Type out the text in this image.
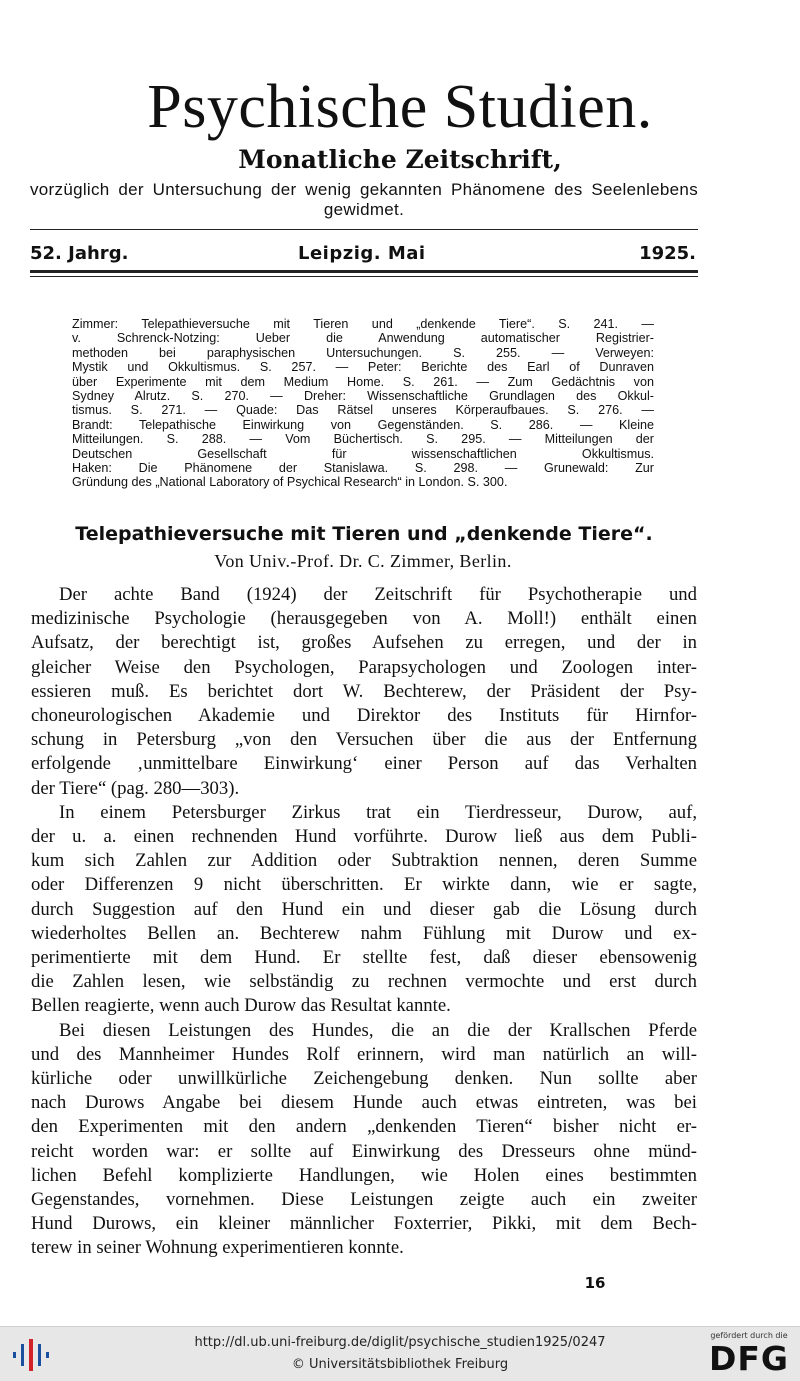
Psychische Studien.
Monatliche Zeitschrift,
vorzüglich der Untersuchung der wenig gekannten Phänomene des Seelenlebens gewidmet.
52. Jahrg.	Leipzig. Mai	1925.
Zimmer: Telepathieversuche mit Tieren und „denkende Tiere“. S. 241. —
v. Schrenck-Notzing: Ueber die Anwendung automatischer Registrier-
methoden bei paraphysischen Untersuchungen. S. 255. — Verweyen:
Mystik und Okkultismus. S. 257. — Peter: Berichte des Earl of Dunraven
über Experimente mit dem Medium Home. S. 261. — Zum Gedächtnis von
Sydney Alrutz. S. 270. — Dreher: Wissenschaftliche Grundlagen des Okkul-
tismus. S. 271. — Quade: Das Rätsel unseres Körperaufbaues. S. 276. —
Brandt: Telepathische Einwirkung von Gegenständen. S. 286. — Kleine
Mitteilungen. S. 288. — Vom Büchertisch. S. 295. — Mitteilungen der
Deutschen Gesellschaft für wissenschaftlichen Okkultismus.
Haken: Die Phänomene der Stanislawa. S. 298. — Grunewald: Zur
Gründung des „National Laboratory of Psychical Research“ in London. S. 300.
Telepathieversuche mit Tieren und „denkende Tiere“.
Von Univ.-Prof. Dr. C. Zimmer, Berlin.
Der achte Band (1924) der Zeitschrift für Psychotherapie und
medizinische Psychologie (herausgegeben von A. Moll!) enthält einen
Aufsatz, der berechtigt ist, großes Aufsehen zu erregen, und der in
gleicher Weise den Psychologen, Parapsychologen und Zoologen inter-
essieren muß. Es berichtet dort W. Bechterew, der Präsident der Psy-
choneurologischen Akademie und Direktor des Instituts für Hirnfor-
schung in Petersburg „von den Versuchen über die aus der Entfernung
erfolgende ‚unmittelbare Einwirkung‘ einer Person auf das Verhalten
der Tiere“ (pag. 280—303).
In einem Petersburger Zirkus trat ein Tierdresseur, Durow, auf,
der u. a. einen rechnenden Hund vorführte. Durow ließ aus dem Publi-
kum sich Zahlen zur Addition oder Subtraktion nennen, deren Summe
oder Differenzen 9 nicht überschritten. Er wirkte dann, wie er sagte,
durch Suggestion auf den Hund ein und dieser gab die Lösung durch
wiederholtes Bellen an. Bechterew nahm Fühlung mit Durow und ex-
perimentierte mit dem Hund. Er stellte fest, daß dieser ebensowenig
die Zahlen lesen, wie selbständig zu rechnen vermochte und erst durch
Bellen reagierte, wenn auch Durow das Resultat kannte.
Bei diesen Leistungen des Hundes, die an die der Krallschen Pferde
und des Mannheimer Hundes Rolf erinnern, wird man natürlich an will-
kürliche oder unwillkürliche Zeichengebung denken. Nun sollte aber
nach Durows Angabe bei diesem Hunde auch etwas eintreten, was bei
den Experimenten mit den andern „denkenden Tieren“ bisher nicht er-
reicht worden war: er sollte auf Einwirkung des Dresseurs ohne münd-
lichen Befehl komplizierte Handlungen, wie Holen eines bestimmten
Gegenstandes, vornehmen. Diese Leistungen zeigte auch ein zweiter
Hund Durows, ein kleiner männlicher Foxterrier, Pikki, mit dem Bech-
terew in seiner Wohnung experimentieren konnte.
16
http://dl.ub.uni-freiburg.de/diglit/psychische_studien1925/0247
© Universitätsbibliothek Freiburg
gefördert durch die
DFG
